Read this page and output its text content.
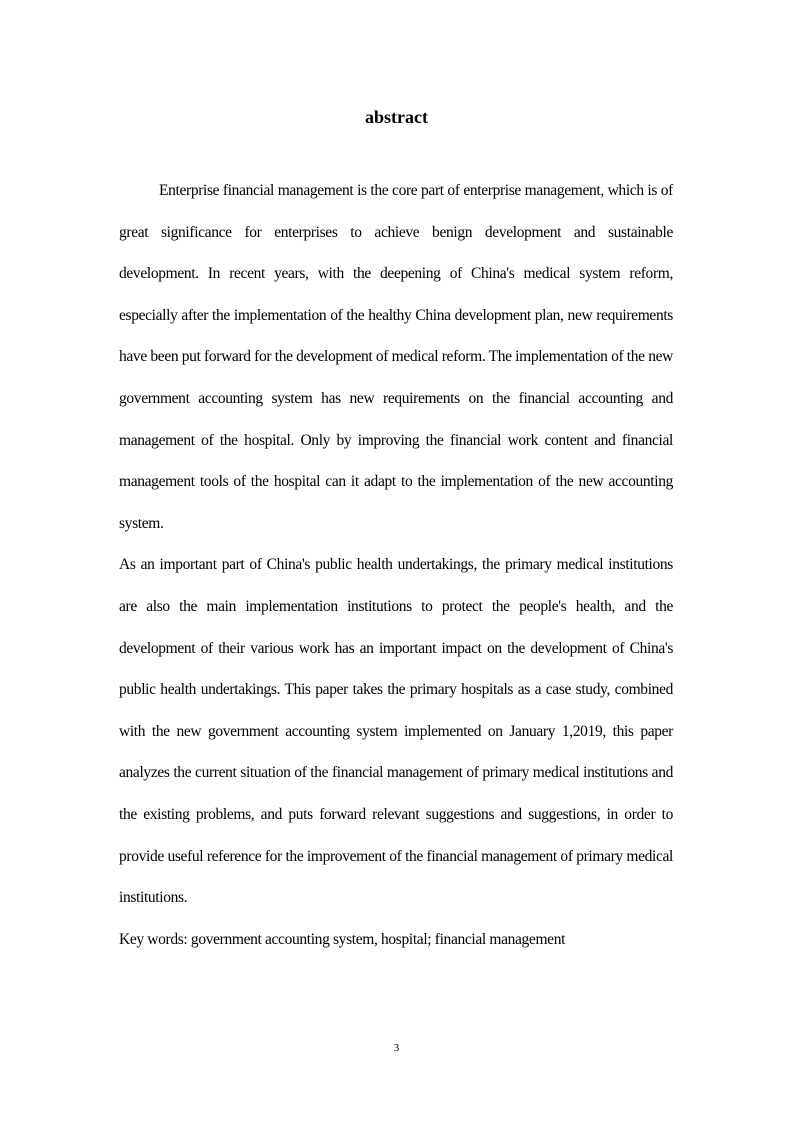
abstract

Enterprise financial management is the core part of enterprise management, which is of great significance for enterprises to achieve benign development and sustainable development. In recent years, with the deepening of China's medical system reform, especially after the implementation of the healthy China development plan, new requirements have been put forward for the development of medical reform. The implementation of the new government accounting system has new requirements on the financial accounting and management of the hospital. Only by improving the financial work content and financial management tools of the hospital can it adapt to the implementation of the new accounting system.

As an important part of China's public health undertakings, the primary medical institutions are also the main implementation institutions to protect the people's health, and the development of their various work has an important impact on the development of China's public health undertakings. This paper takes the primary hospitals as a case study, combined with the new government accounting system implemented on January 1,2019, this paper analyzes the current situation of the financial management of primary medical institutions and the existing problems, and puts forward relevant suggestions and suggestions, in order to provide useful reference for the improvement of the financial management of primary medical institutions.

Key words: government accounting system, hospital; financial management

3
